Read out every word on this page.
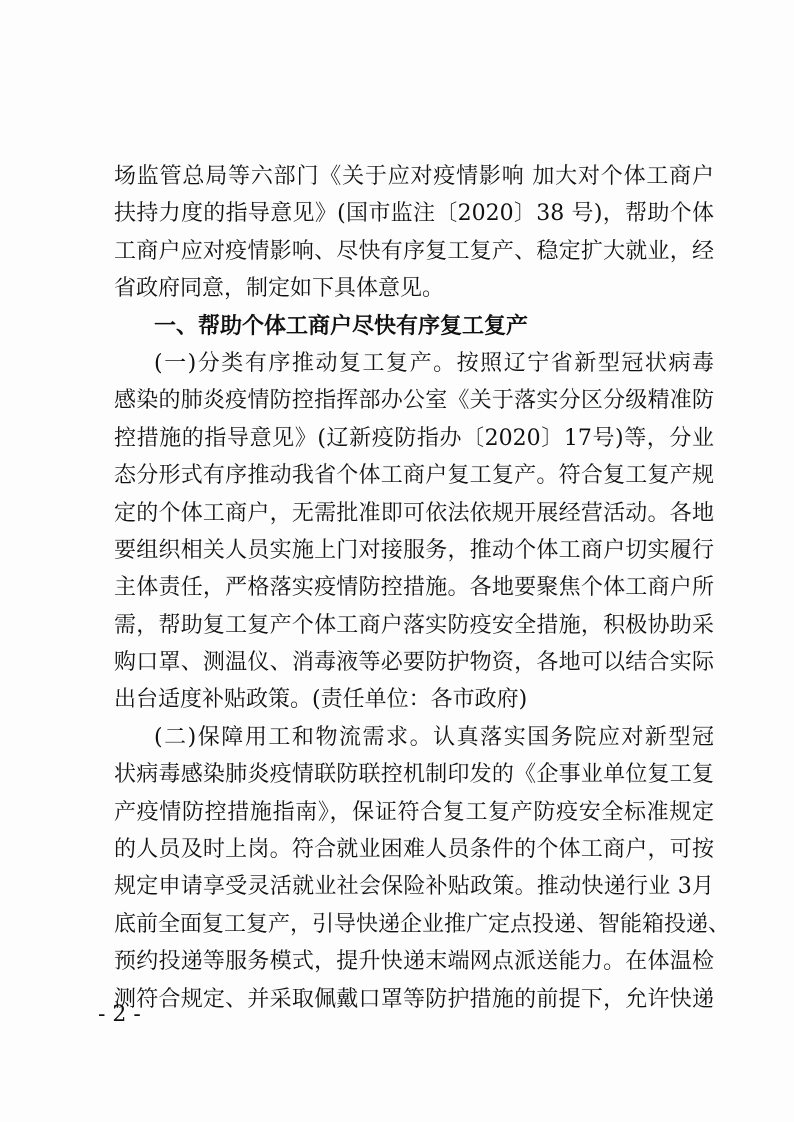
场监管总局等六部门《关于应对疫情影响 加大对个体工商户
扶持力度的指导意见》(国市监注〔2020〕38 号)，帮助个体
工商户应对疫情影响、尽快有序复工复产、稳定扩大就业，经
省政府同意，制定如下具体意见。
一、帮助个体工商户尽快有序复工复产
(一)分类有序推动复工复产。按照辽宁省新型冠状病毒
感染的肺炎疫情防控指挥部办公室《关于落实分区分级精准防
控措施的指导意见》(辽新疫防指办〔2020〕17号)等，分业
态分形式有序推动我省个体工商户复工复产。符合复工复产规
定的个体工商户，无需批准即可依法依规开展经营活动。各地
要组织相关人员实施上门对接服务，推动个体工商户切实履行
主体责任，严格落实疫情防控措施。各地要聚焦个体工商户所
需，帮助复工复产个体工商户落实防疫安全措施，积极协助采
购口罩、测温仪、消毒液等必要防护物资，各地可以结合实际
出台适度补贴政策。(责任单位：各市政府)
(二)保障用工和物流需求。认真落实国务院应对新型冠
状病毒感染肺炎疫情联防联控机制印发的《企事业单位复工复
产疫情防控措施指南》，保证符合复工复产防疫安全标准规定
的人员及时上岗。符合就业困难人员条件的个体工商户，可按
规定申请享受灵活就业社会保险补贴政策。推动快递行业 3月
底前全面复工复产，引导快递企业推广定点投递、智能箱投递、
预约投递等服务模式，提升快递末端网点派送能力。在体温检
测符合规定、并采取佩戴口罩等防护措施的前提下，允许快递
- 2 -
